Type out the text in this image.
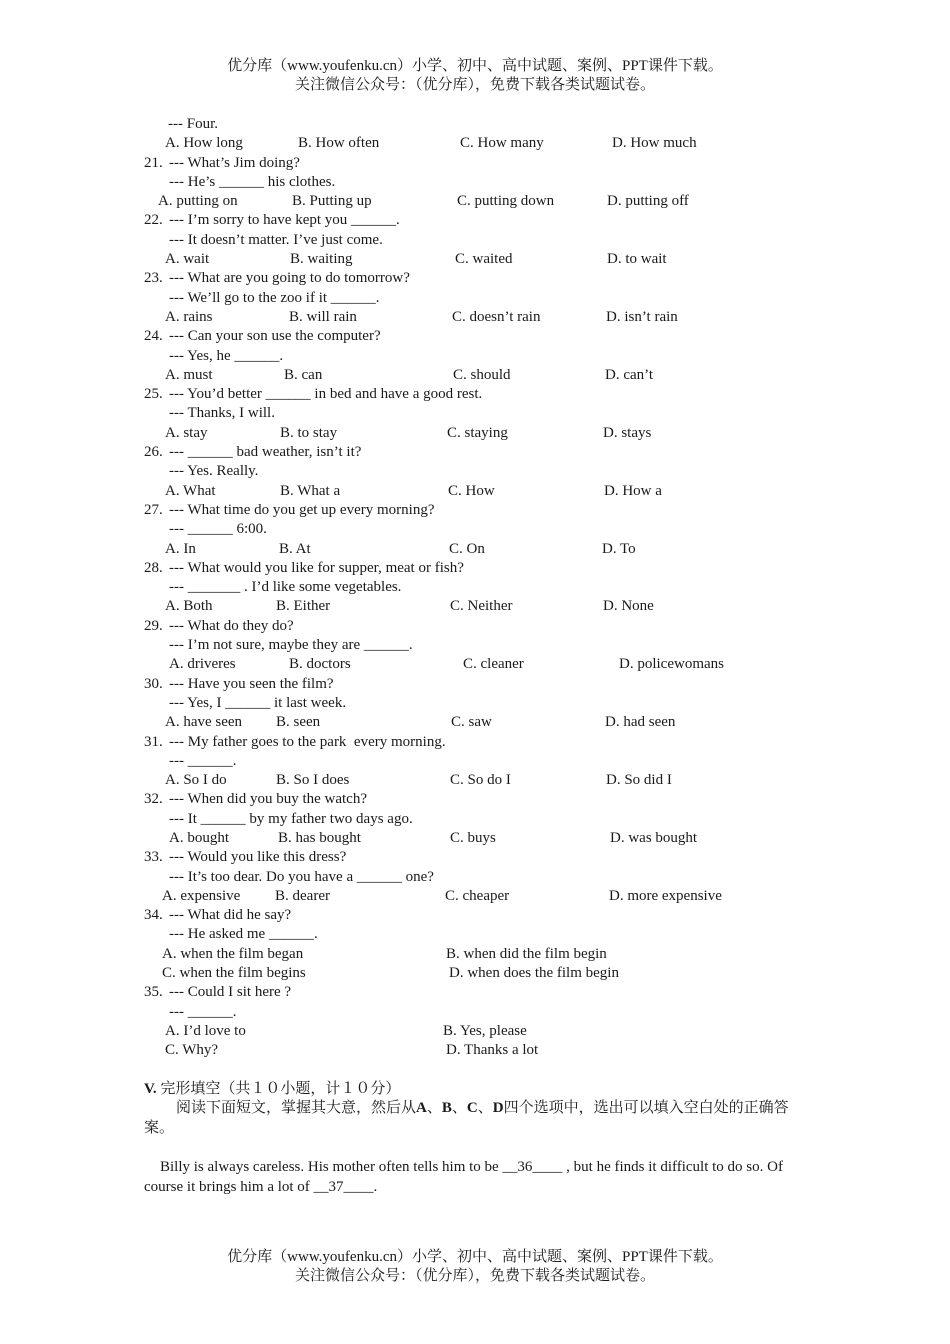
优分库（www.youfenku.cn）小学、初中、高中试题、案例、PPT课件下载。
关注微信公众号：（优分库），免费下载各类试题试卷。
--- Four.

A. How long

	B. How often

	C. How many

	D. How much

21. --- What’s Jim doing?
--- He’s ______ his clothes.

A. putting on

	B. Putting up

	C. putting down

	D. putting off

22. --- I’m sorry to have kept you ______.
--- It doesn’t matter. I’ve just come.

A. wait

	B. waiting

	C. waited

	D. to wait

23. --- What are you going to do tomorrow?
--- We’ll go to the zoo if it ______.

A. rains

	B. will rain

	C. doesn’t rain

	D. isn’t rain

24. --- Can your son use the computer?
--- Yes, he ______.

A. must

	B. can

	C. should

	D. can’t

25. --- You’d better ______ in bed and have a good rest.
--- Thanks, I will.

A. stay

	B. to stay

	C. staying

	D. stays

26. --- ______ bad weather, isn’t it?
--- Yes. Really.

A. What

	B. What a

	C. How

	D. How a

27. --- What time do you get up every morning?
--- ______ 6:00.

A. In

	B. At

	C. On

	D. To

28. --- What would you like for supper, meat or fish?
--- _______ . I’d like some vegetables.

A. Both

	B. Either

	C. Neither

	D. None

29. --- What do they do?
--- I’m not sure, maybe they are ______.

A. driveres

	B. doctors

	C. cleaner

	D. policewomans

30. --- Have you seen the film?
--- Yes, I ______ it last week.

A. have seen

B. seen

	C. saw

	D. had seen

31. --- My father goes to the park  every morning.
--- ______.

A. So I do

	B. So I does

	C. So do I

	D. So did I

32. --- When did you buy the watch?
--- It ______ by my father two days ago.

A. bought

	B. has bought

	C. buys

	D. was bought

33. --- Would you like this dress?
--- It’s too dear. Do you have a ______ one?

A. expensive

B. dearer

	C. cheaper

	D. more expensive

34. --- What did he say?
--- He asked me ______.

A. when the film began

	B. when did the film begin

C. when the film begins

	D. when does the film begin

35. --- Could I sit here ?
--- ______.

A. I’d love to

	B. Yes, please

C. Why?

	D. Thanks a lot

V. 完形填空（共１０小题，计１０分）

阅读下面短文，掌握其大意，然后从A、B、C、D四个选项中，选出可以填入空白处的正确答案。
Billy is always careless. His mother often tells him to be __36____ , but he finds it difficult to do so. Of course it brings him a lot of __37____.
优分库（www.youfenku.cn）小学、初中、高中试题、案例、PPT课件下载。
关注微信公众号：（优分库），免费下载各类试题试卷。
